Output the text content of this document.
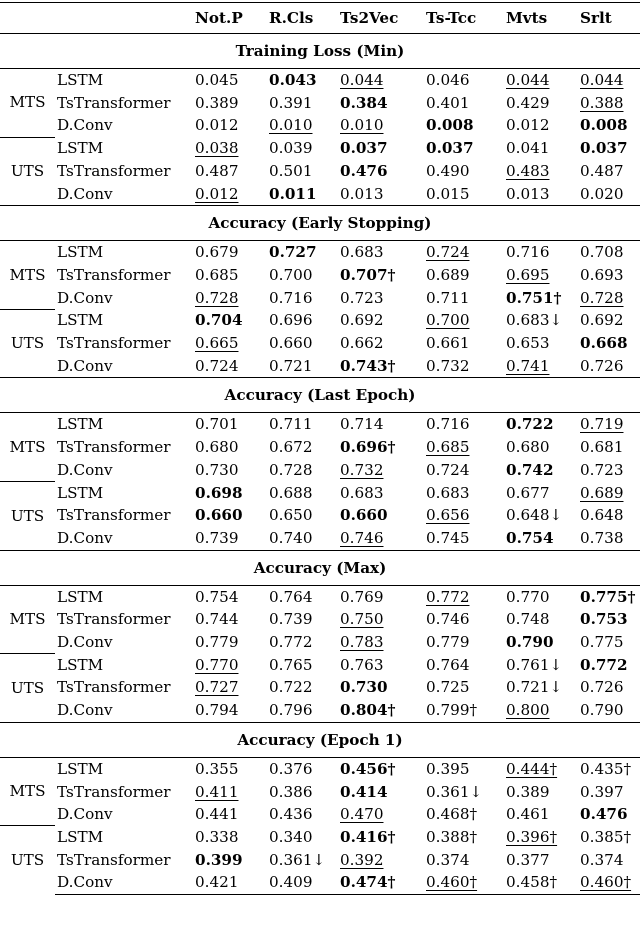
		Not.P	R.Cls	Ts2Vec	Ts-Tcc	Mvts	Srlt
Training Loss (Min)							
MTS	LSTM	0.045	0.043	0.044	0.046	0.044	0.044
	TsTransformer	0.389	0.391	0.384	0.401	0.429	0.388
	D.Conv	0.012	0.010	0.010	0.008	0.012	0.008
UTS	LSTM	0.038	0.039	0.037	0.037	0.041	0.037
	TsTransformer	0.487	0.501	0.476	0.490	0.483	0.487
	D.Conv	0.012	0.011	0.013	0.015	0.013	0.020
Accuracy (Early Stopping)							
MTS	LSTM	0.679	0.727	0.683	0.724	0.716	0.708
	TsTransformer	0.685	0.700	0.707†	0.689	0.695	0.693
	D.Conv	0.728	0.716	0.723	0.711	0.751†	0.728
UTS	LSTM	0.704	0.696	0.692	0.700	0.683↓	0.692
	TsTransformer	0.665	0.660	0.662	0.661	0.653	0.668
	D.Conv	0.724	0.721	0.743†	0.732	0.741	0.726
Accuracy (Last Epoch)							
MTS	LSTM	0.701	0.711	0.714	0.716	0.722	0.719
	TsTransformer	0.680	0.672	0.696†	0.685	0.680	0.681
	D.Conv	0.730	0.728	0.732	0.724	0.742	0.723
UTS	LSTM	0.698	0.688	0.683	0.683	0.677	0.689
	TsTransformer	0.660	0.650	0.660	0.656	0.648↓	0.648
	D.Conv	0.739	0.740	0.746	0.745	0.754	0.738
Accuracy (Max)							
MTS	LSTM	0.754	0.764	0.769	0.772	0.770	0.775†
	TsTransformer	0.744	0.739	0.750	0.746	0.748	0.753
	D.Conv	0.779	0.772	0.783	0.779	0.790	0.775
UTS	LSTM	0.770	0.765	0.763	0.764	0.761↓	0.772
	TsTransformer	0.727	0.722	0.730	0.725	0.721↓	0.726
	D.Conv	0.794	0.796	0.804†	0.799†	0.800	0.790
Accuracy (Epoch 1)							
MTS	LSTM	0.355	0.376	0.456†	0.395	0.444†	0.435†
	TsTransformer	0.411	0.386	0.414	0.361↓	0.389	0.397
	D.Conv	0.441	0.436	0.470	0.468†	0.461	0.476
UTS	LSTM	0.338	0.340	0.416†	0.388†	0.396†	0.385†
	TsTransformer	0.399	0.361↓	0.392	0.374	0.377	0.374
	D.Conv	0.421	0.409	0.474†	0.460†	0.458†	0.460†
